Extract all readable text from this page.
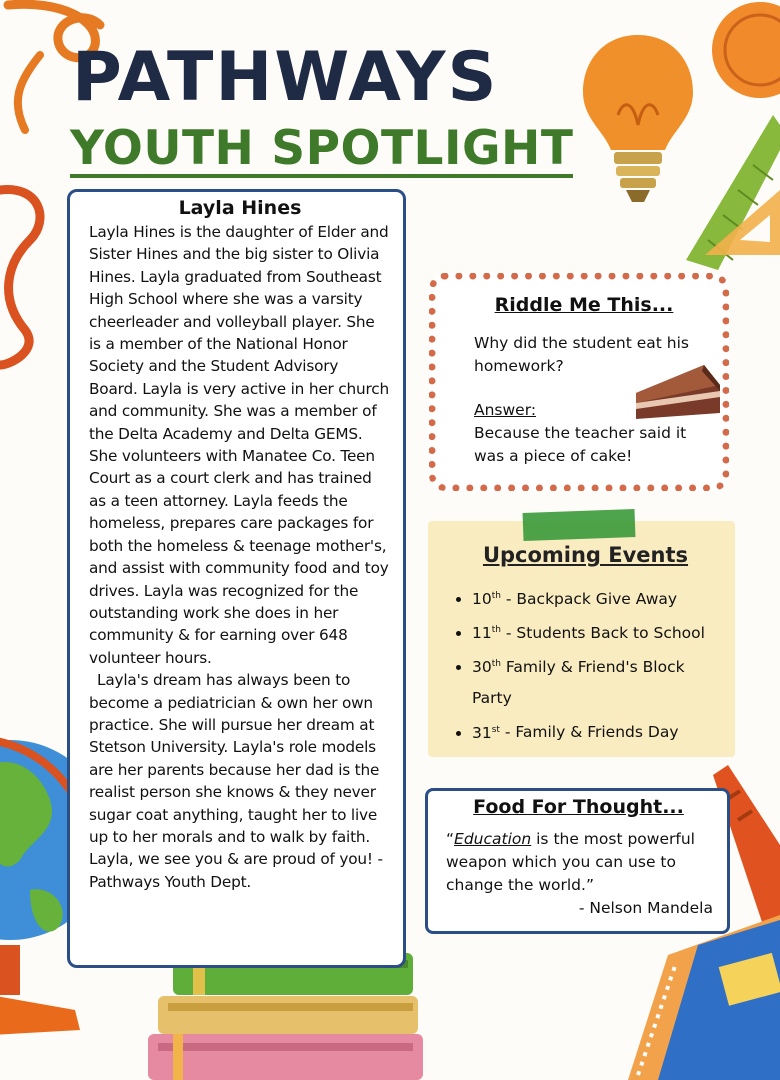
PATHWAYS
YOUTH SPOTLIGHT
Layla Hines

Layla Hines is the daughter of Elder and Sister Hines and the big sister to Olivia Hines. Layla graduated from Southeast High School where she was a varsity cheerleader and volleyball player. She is a member of the National Honor Society and the Student Advisory Board. Layla is very active in her church and community. She was a member of the Delta Academy and Delta GEMS. She volunteers with Manatee Co. Teen Court as a court clerk and has trained as a teen attorney. Layla feeds the homeless, prepares care packages for both the homeless & teenage mother's, and assist with community food and toy drives. Layla was recognized for the outstanding work she does in her community & for earning over 648 volunteer hours.

Layla's dream has always been to become a pediatrician & own her own practice. She will pursue her dream at Stetson University. Layla's role models are her parents because her dad is the realist person she knows & they never sugar coat anything, taught her to live up to her morals and to walk by faith. Layla, we see you & are proud of you! - Pathways Youth Dept.

Riddle Me This...

Why did the student eat his homework?

Answer:

Because the teacher said it was a piece of cake!

Upcoming Events
• 10th - Backpack Give Away
• 11th - Students Back to School
• 30th Family & Friend's Block Party
• 31st - Family & Friends Day
Food For Thought...

“Education is the most powerful weapon which you can use to change the world.”

- Nelson Mandela
